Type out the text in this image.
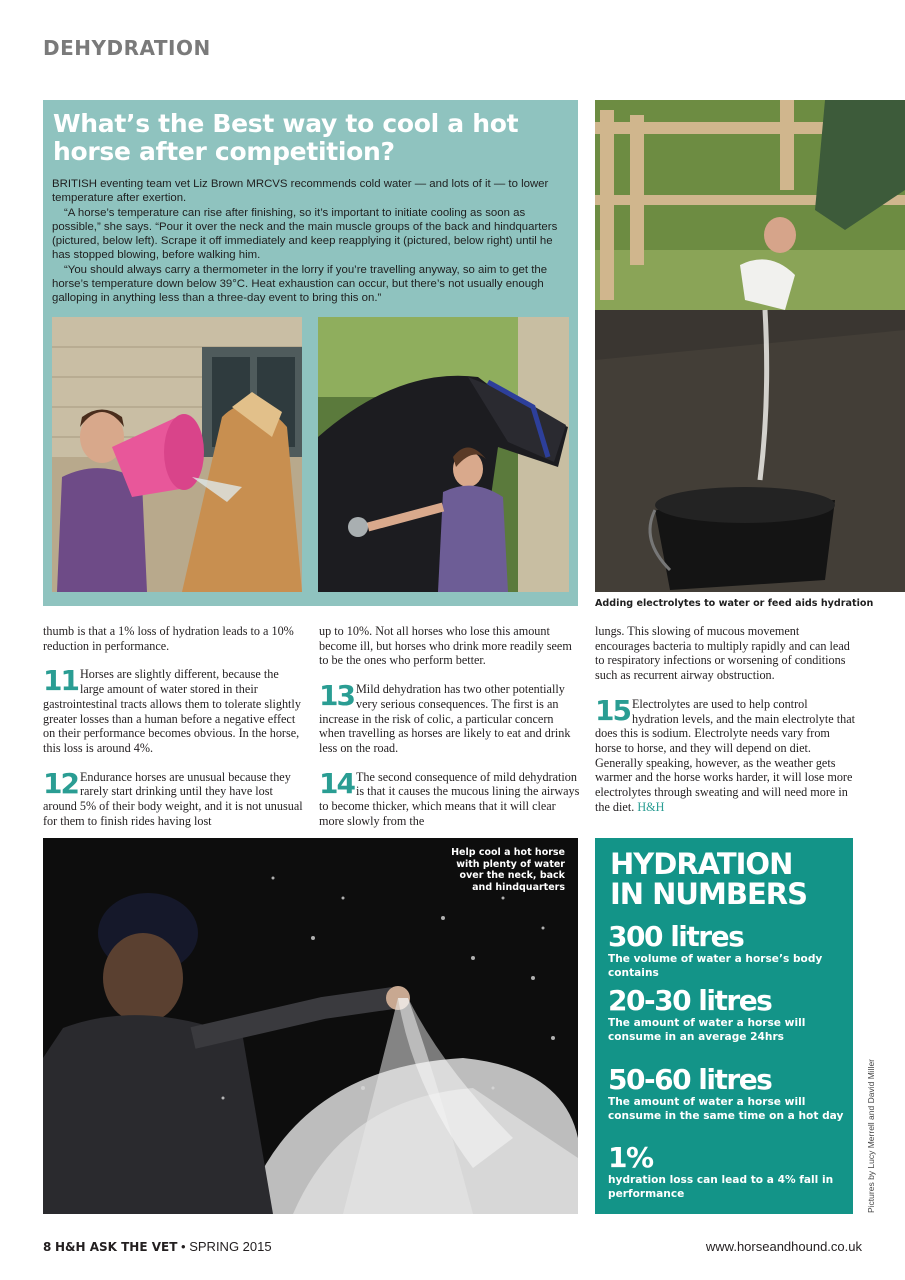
DEHYDRATION
What’s the Best way to cool a hot horse after competition?

BRITISH eventing team vet Liz Brown MRCVS recommends cold water — and lots of it — to lower temperature after exertion.

“A horse’s temperature can rise after finishing, so it’s important to initiate cooling as soon as possible,” she says. “Pour it over the neck and the main muscle groups of the back and hindquarters (pictured, below left). Scrape it off immediately and keep reapplying it (pictured, below right) until he has stopped blowing, before walking him.

“You should always carry a thermometer in the lorry if you’re travelling anyway, so aim to get the horse’s temperature down below 39°C. Heat exhaustion can occur, but there’s not usually enough galloping in anything less than a three-day event to bring this on.”

Adding electrolytes to water or feed aids hydration

thumb is that a 1% loss of hydration leads to a 10% reduction in performance.

11 Horses are slightly different, because the large amount of water stored in their gastrointestinal tracts allows them to tolerate slightly greater losses than a human before a negative effect on their performance becomes obvious. In the horse, this loss is around 4%.

12 Endurance horses are unusual because they rarely start drinking until they have lost around 5% of their body weight, and it is not unusual for them to finish rides having lost

up to 10%. Not all horses who lose this amount become ill, but horses who drink more readily seem to be the ones who perform better.

13 Mild dehydration has two other potentially very serious consequences. The first is an increase in the risk of colic, a particular concern when travelling as horses are likely to eat and drink less on the road.

14 The second consequence of mild dehydration is that it causes the mucous lining the airways to become thicker, which means that it will clear more slowly from the

lungs. This slowing of mucous movement encourages bacteria to multiply rapidly and can lead to respiratory infections or worsening of conditions such as recurrent airway obstruction.

15 Electrolytes are used to help control hydration levels, and the main electrolyte that does this is sodium. Electrolyte needs vary from horse to horse, and they will depend on diet. Generally speaking, however, as the weather gets warmer and the horse works harder, it will lose more electrolytes through sweating and will need more in the diet. H&H

Help cool a hot horse with plenty of water over the neck, back and hindquarters
HYDRATION
IN NUMBERS
300 litres
The volume of water a horse’s body contains
20-30 litres
The amount of water a horse will consume in an average 24hrs
50-60 litres
The amount of water a horse will consume in the same time on a hot day
1%
hydration loss can lead to a 4% fall in performance	Pictures by Lucy Merrell and David Miller
8 H&H ASK THE VET • SPRING 2015	www.horseandhound.co.uk
